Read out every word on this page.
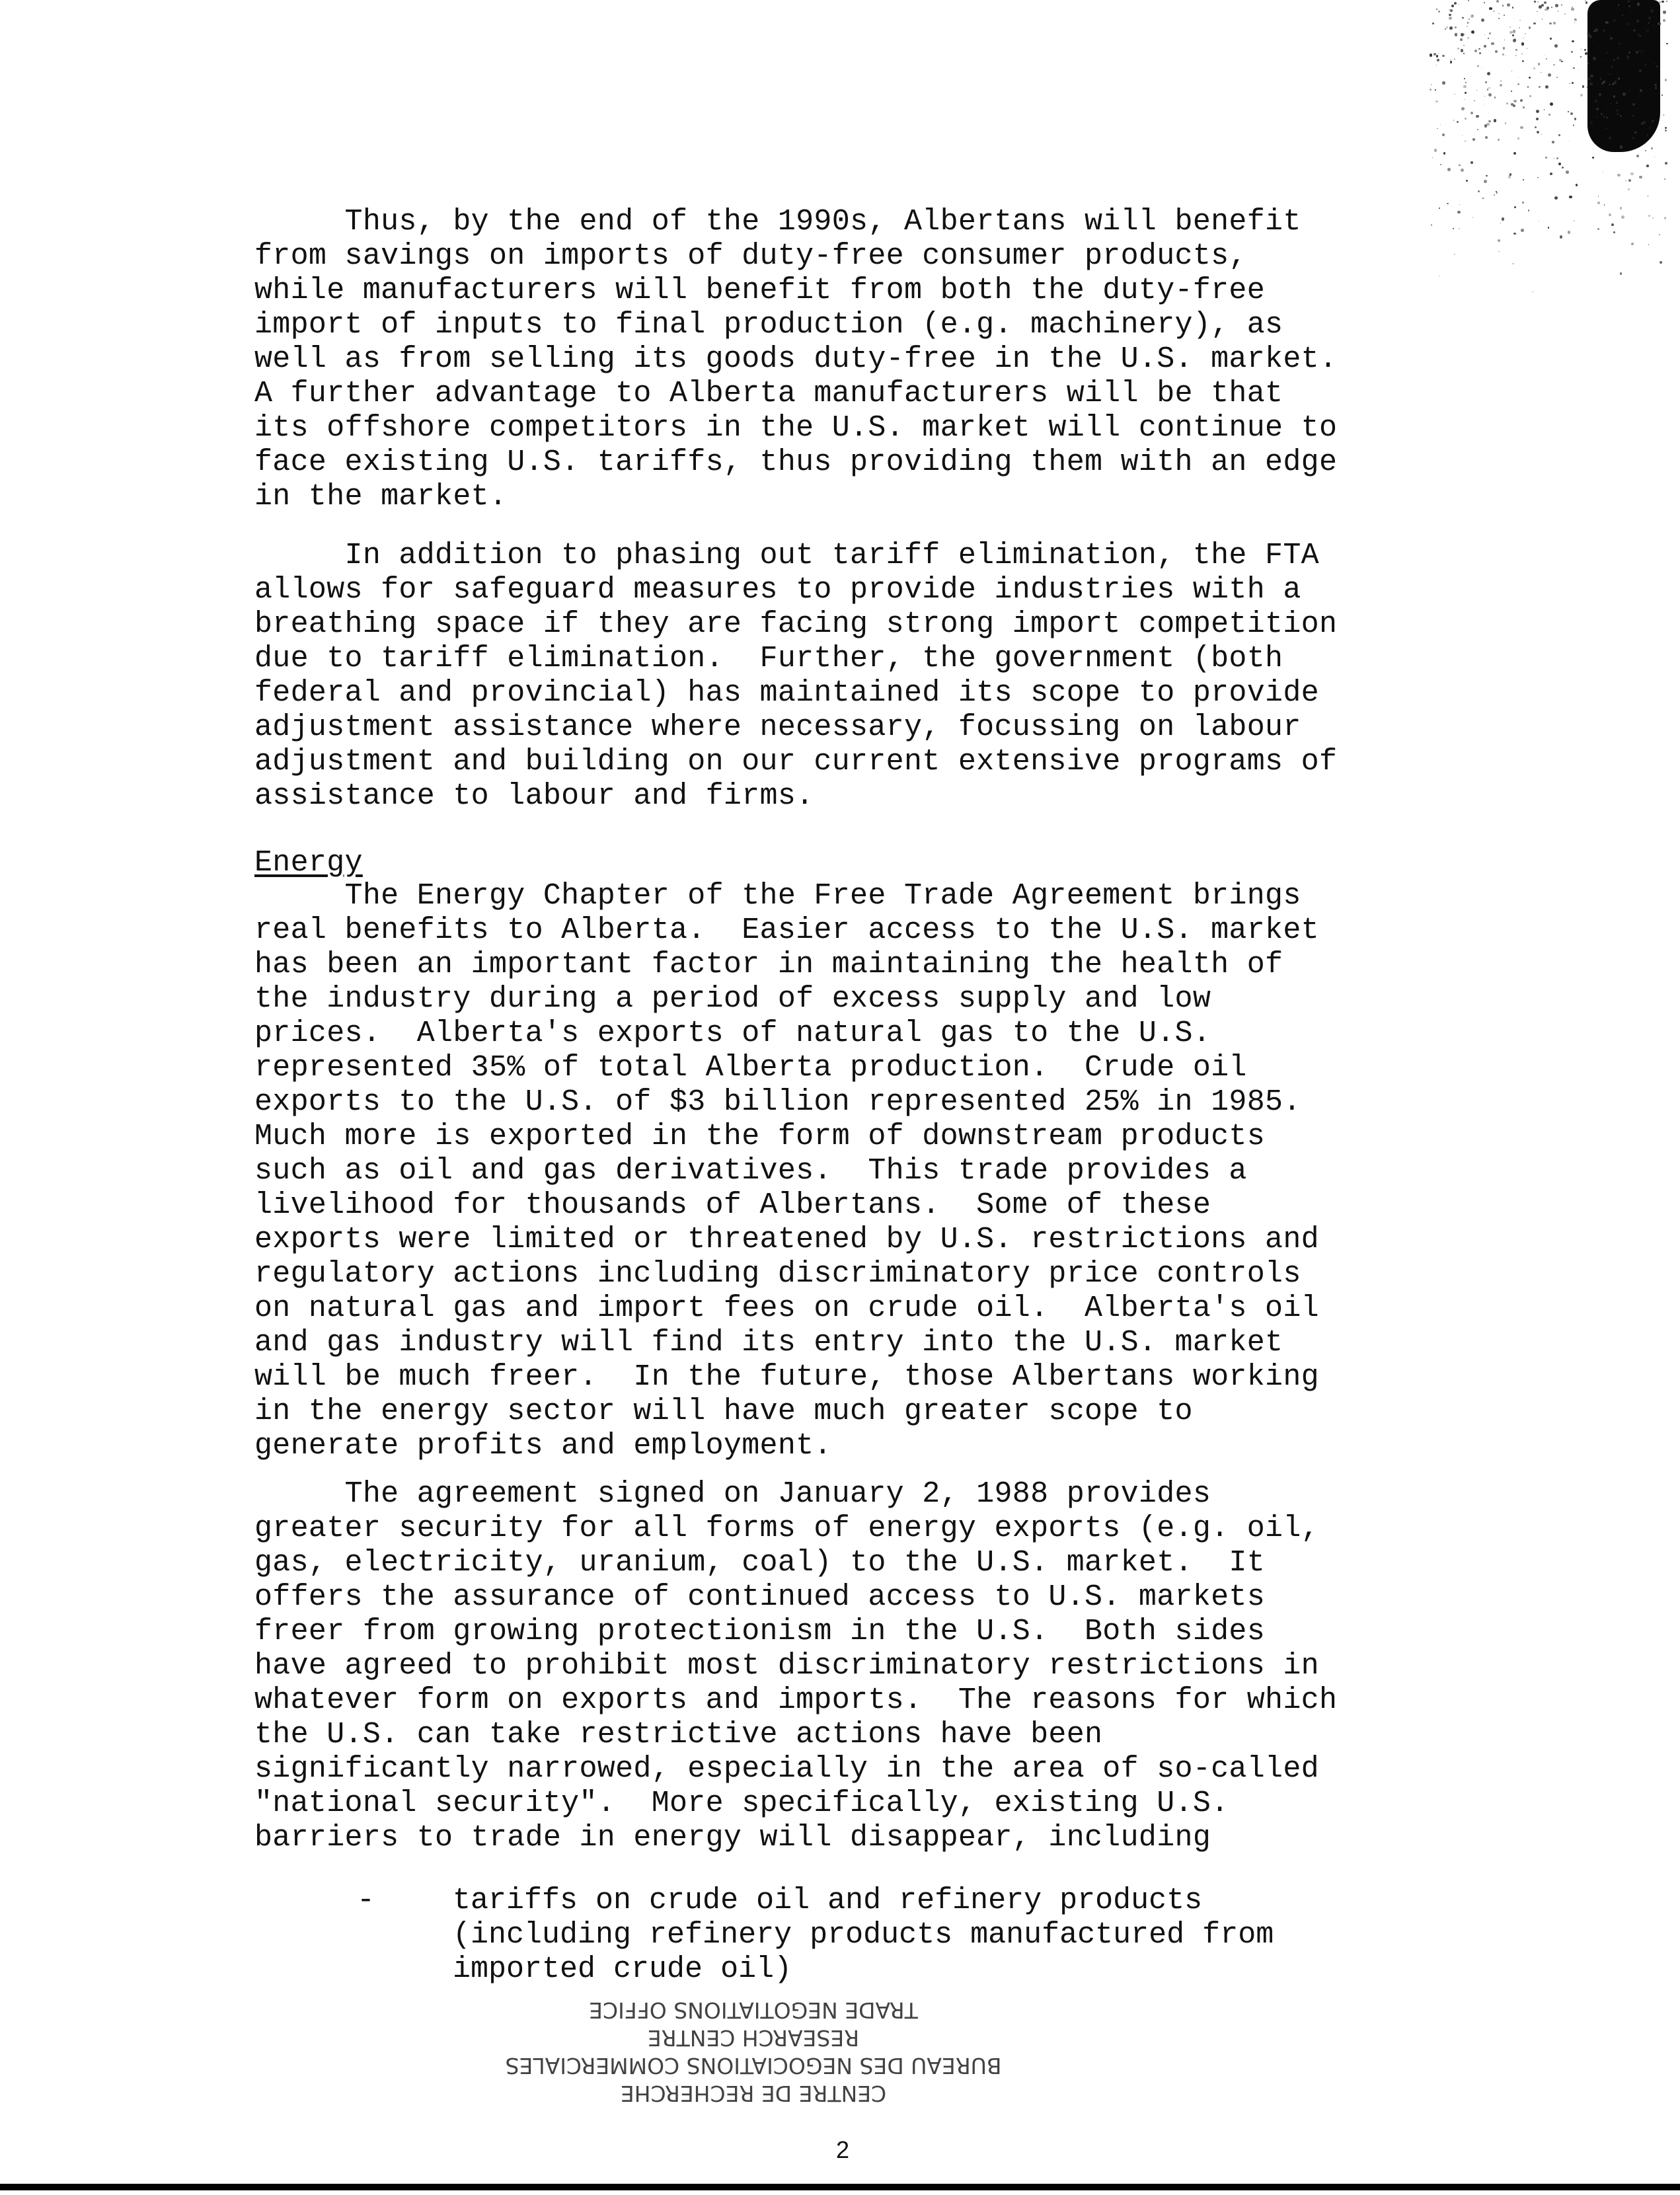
Thus, by the end of the 1990s, Albertans will benefit
from savings on imports of duty-free consumer products,
while manufacturers will benefit from both the duty-free
import of inputs to final production (e.g. machinery), as
well as from selling its goods duty-free in the U.S. market.
A further advantage to Alberta manufacturers will be that
its offshore competitors in the U.S. market will continue to
face existing U.S. tariffs, thus providing them with an edge
in the market.
In addition to phasing out tariff elimination, the FTA
allows for safeguard measures to provide industries with a
breathing space if they are facing strong import competition
due to tariff elimination.  Further, the government (both
federal and provincial) has maintained its scope to provide
adjustment assistance where necessary, focussing on labour
adjustment and building on our current extensive programs of
assistance to labour and firms.
Energy
The Energy Chapter of the Free Trade Agreement brings
real benefits to Alberta.  Easier access to the U.S. market
has been an important factor in maintaining the health of
the industry during a period of excess supply and low
prices.  Alberta's exports of natural gas to the U.S.
represented 35% of total Alberta production.  Crude oil
exports to the U.S. of $3 billion represented 25% in 1985.
Much more is exported in the form of downstream products
such as oil and gas derivatives.  This trade provides a
livelihood for thousands of Albertans.  Some of these
exports were limited or threatened by U.S. restrictions and
regulatory actions including discriminatory price controls
on natural gas and import fees on crude oil.  Alberta's oil
and gas industry will find its entry into the U.S. market
will be much freer.  In the future, those Albertans working
in the energy sector will have much greater scope to
generate profits and employment.
The agreement signed on January 2, 1988 provides
greater security for all forms of energy exports (e.g. oil,
gas, electricity, uranium, coal) to the U.S. market.  It
offers the assurance of continued access to U.S. markets
freer from growing protectionism in the U.S.  Both sides
have agreed to prohibit most discriminatory restrictions in
whatever form on exports and imports.  The reasons for which
the U.S. can take restrictive actions have been
significantly narrowed, especially in the area of so-called
"national security".  More specifically, existing U.S.
barriers to trade in energy will disappear, including
-	tariffs on crude oil and refinery products
(including refinery products manufactured from
imported crude oil)
CENTRE DE RECHERCHE
BUREAU DES NEGOCIATIONS COMMERCIALES
RESEARCH CENTRE
TRADE NEGOTIATIONS OFFICE
2
